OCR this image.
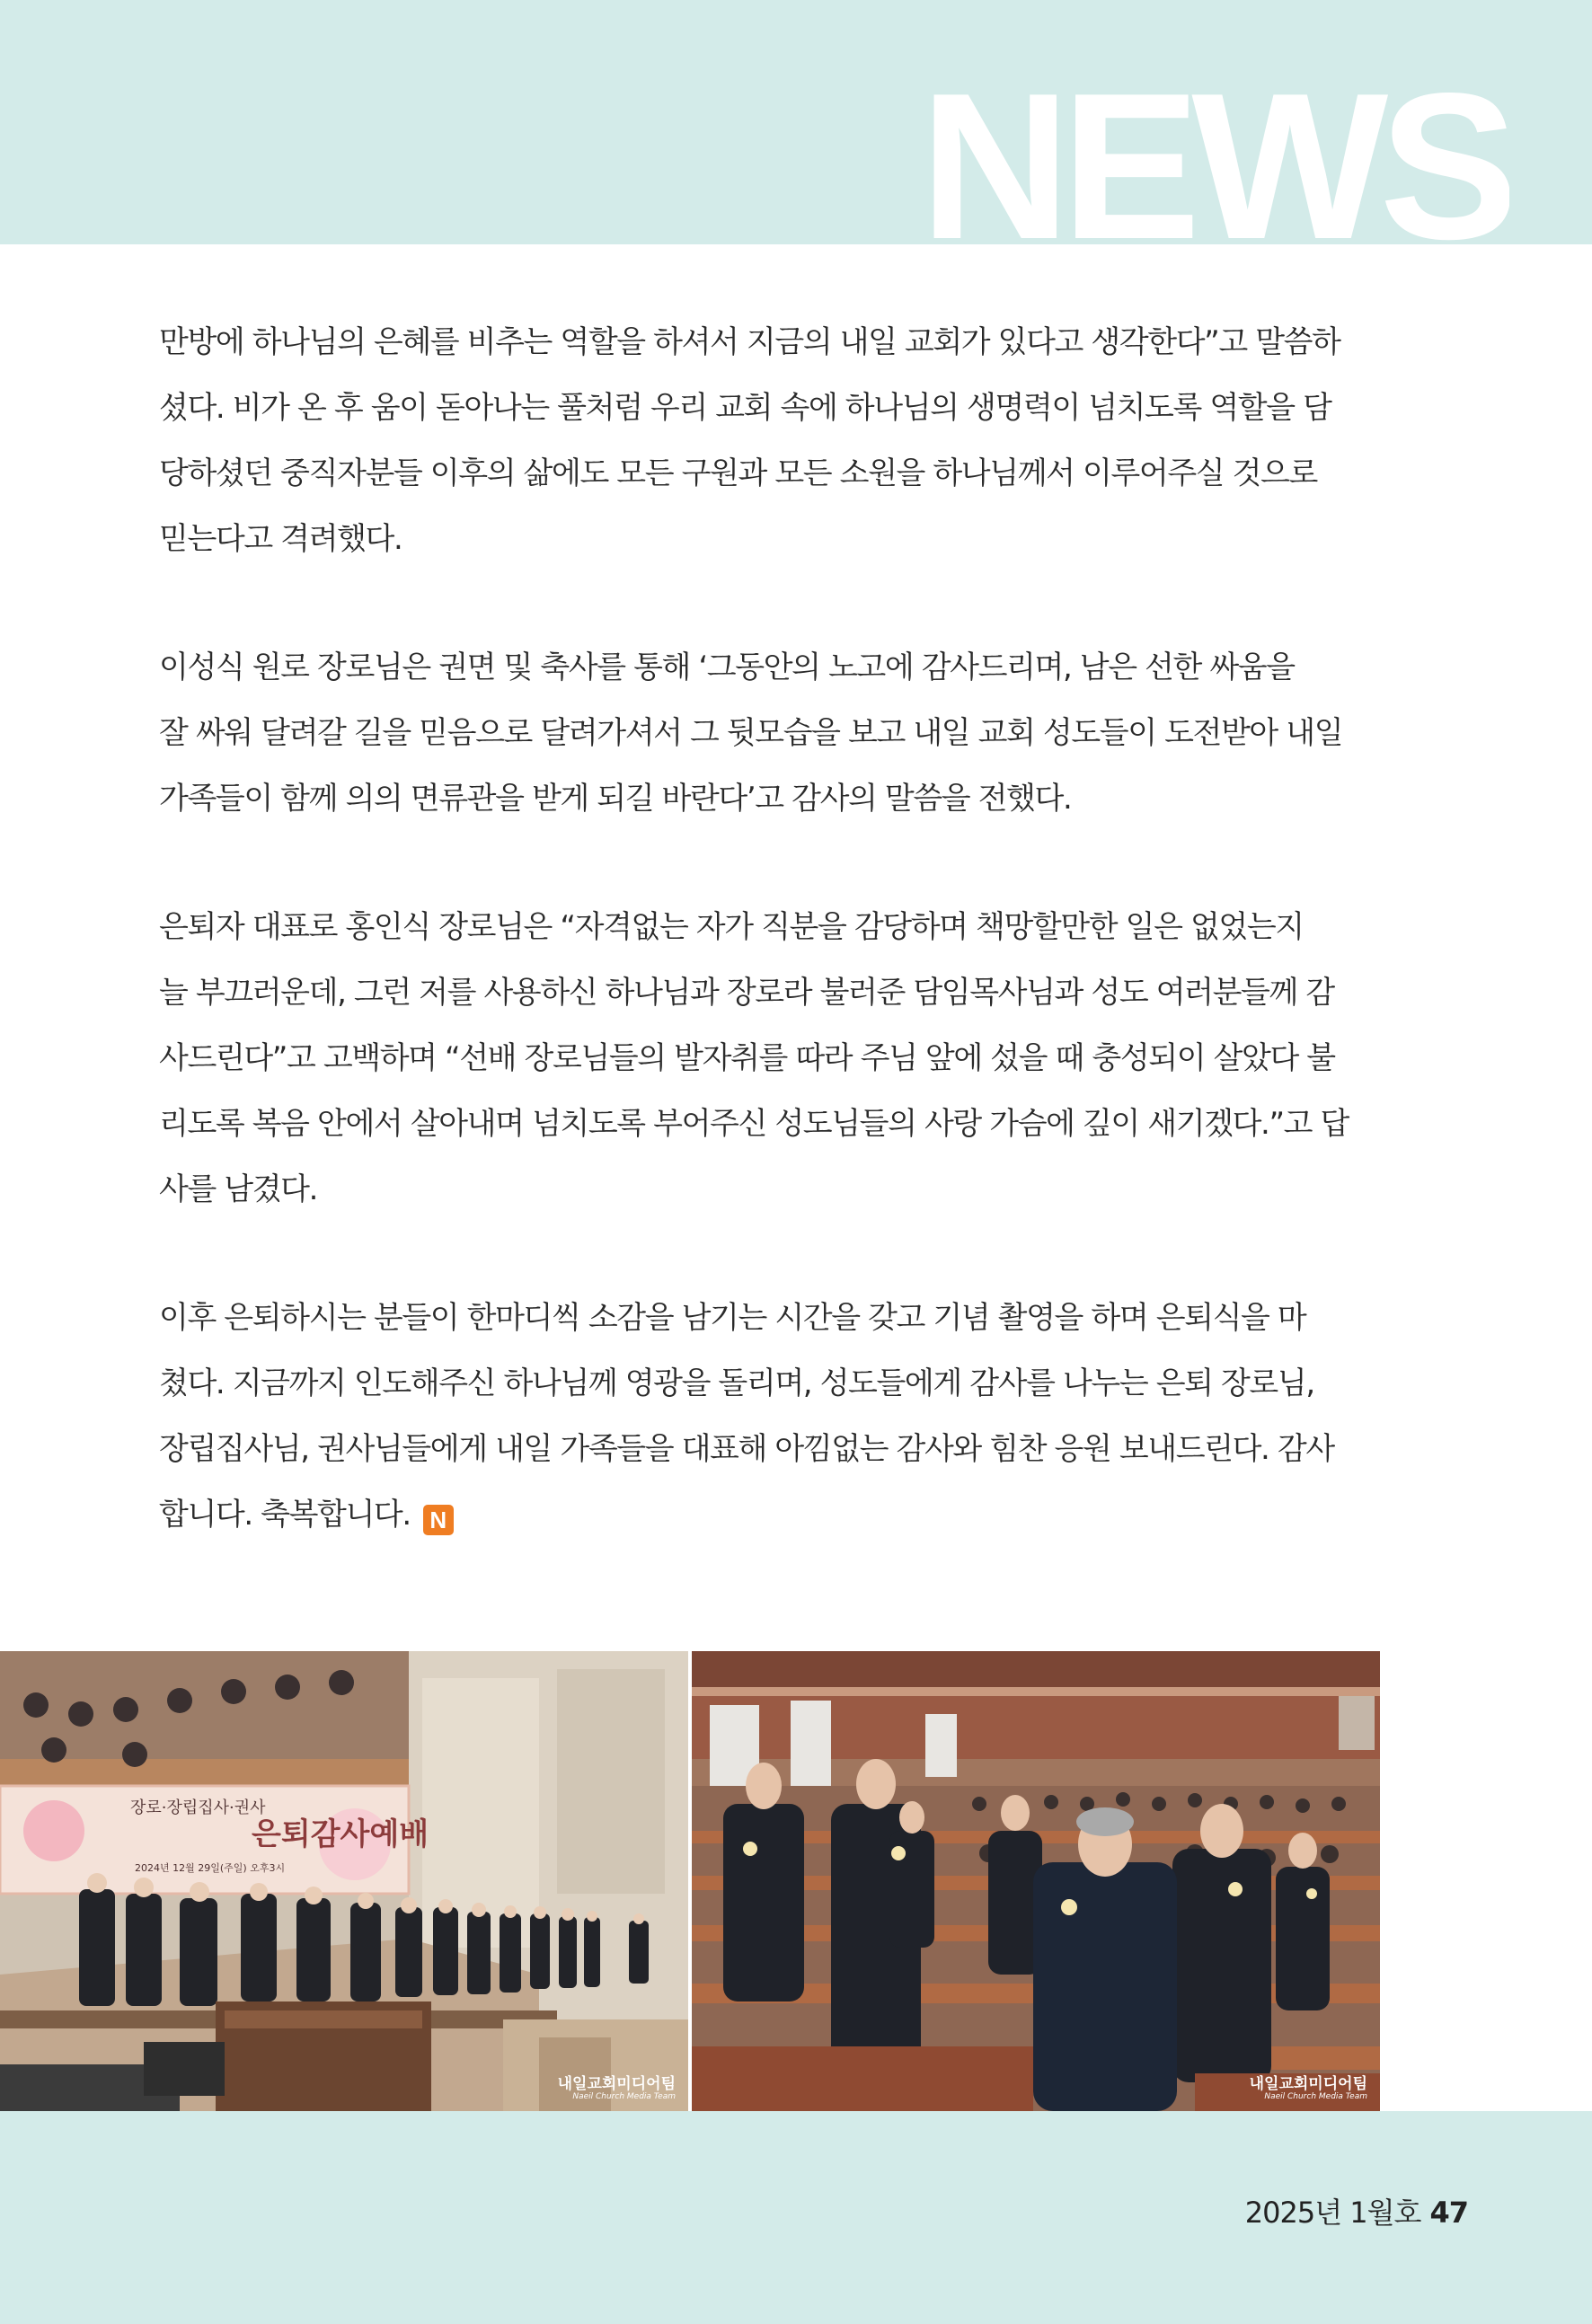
NEWS

만방에 하나님의 은혜를 비추는 역할을 하셔서 지금의 내일 교회가 있다고 생각한다”고 말씀하
셨다. 비가 온 후 움이 돋아나는 풀처럼 우리 교회 속에 하나님의 생명력이 넘치도록 역할을 담
당하셨던 중직자분들 이후의 삶에도 모든 구원과 모든 소원을 하나님께서 이루어주실 것으로
믿는다고 격려했다.

이성식 원로 장로님은 권면 및 축사를 통해 ‘그동안의 노고에 감사드리며, 남은 선한 싸움을
잘 싸워 달려갈 길을 믿음으로 달려가셔서 그 뒷모습을 보고 내일 교회 성도들이 도전받아 내일
가족들이 함께 의의 면류관을 받게 되길 바란다’고 감사의 말씀을 전했다.

은퇴자 대표로 홍인식 장로님은 “자격없는 자가 직분을 감당하며 책망할만한 일은 없었는지
늘 부끄러운데, 그런 저를 사용하신 하나님과 장로라 불러준 담임목사님과 성도 여러분들께 감
사드린다”고 고백하며 “선배 장로님들의 발자취를 따라 주님 앞에 섰을 때 충성되이 살았다 불
리도록 복음 안에서 살아내며 넘치도록 부어주신 성도님들의 사랑 가슴에 깊이 새기겠다.”고 답
사를 남겼다.

이후 은퇴하시는 분들이 한마디씩 소감을 남기는 시간을 갖고 기념 촬영을 하며 은퇴식을 마
쳤다. 지금까지 인도해주신 하나님께 영광을 돌리며, 성도들에게 감사를 나누는 은퇴 장로님,
장립집사님, 권사님들에게 내일 가족들을 대표해 아낌없는 감사와 힘찬 응원 보내드린다. 감사
합니다. 축복합니다. N

장로·장립집사·권사
은퇴감사예배
2024년 12월 29일(주일) 오후3시
내일교회미디어팀
Naeil Church Media Team
내일교회미디어팀
Naeil Church Media Team
2025년 1월호 47
